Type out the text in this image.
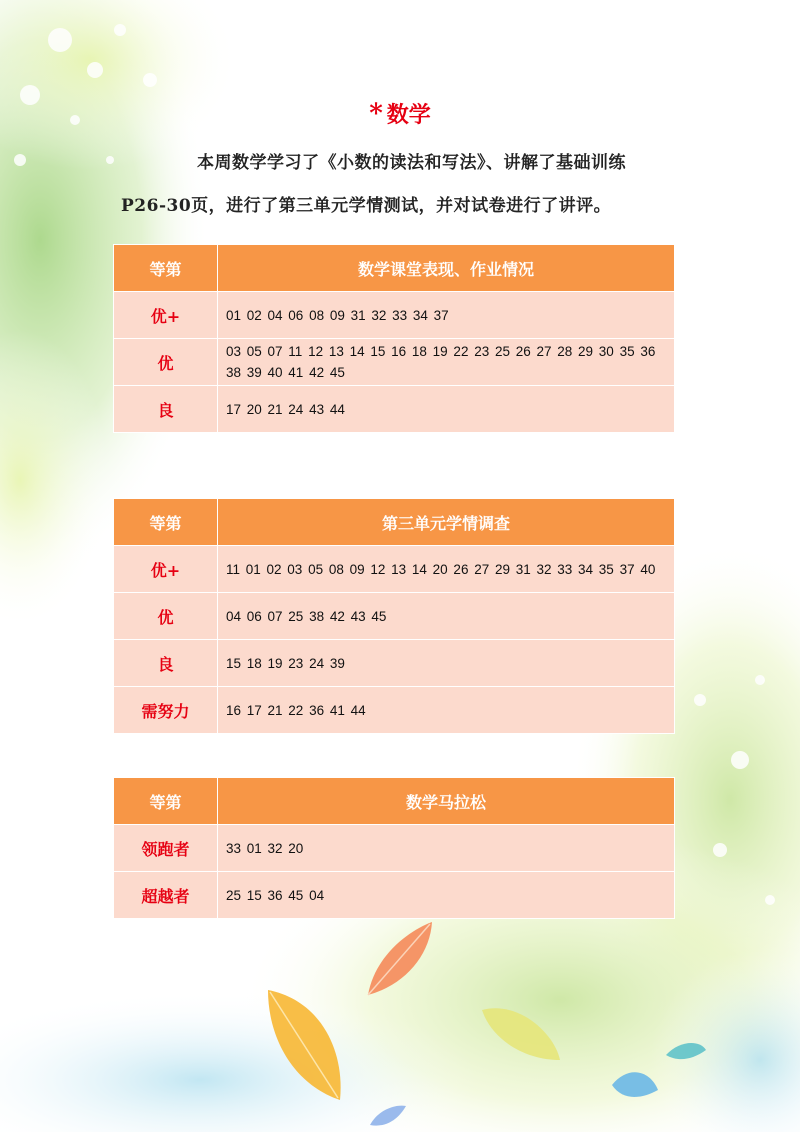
* 数学
本周数学学习了《小数的读法和写法》、讲解了基础训练
P26-30页，进行了第三单元学情测试，并对试卷进行了讲评。
等第	数学课堂表现、作业情况
优+	01 02 04 06 08 09 31 32 33 34 37
优	03 05 07 11 12 13 14 15 16 18 19 22 23 25 26 27 28 29 30 35 36 38 39 40 41 42 45
良	17 20 21 24 43 44
等第	第三单元学情调查
优+	11 01 02 03 05 08 09 12 13 14 20 26 27 29 31 32 33 34 35 37 40
优	04 06 07 25 38 42 43 45
良	15 18 19 23 24 39
需努力	16 17 21 22 36 41 44
等第	数学马拉松
领跑者	33 01 32 20
超越者	25 15 36 45 04
